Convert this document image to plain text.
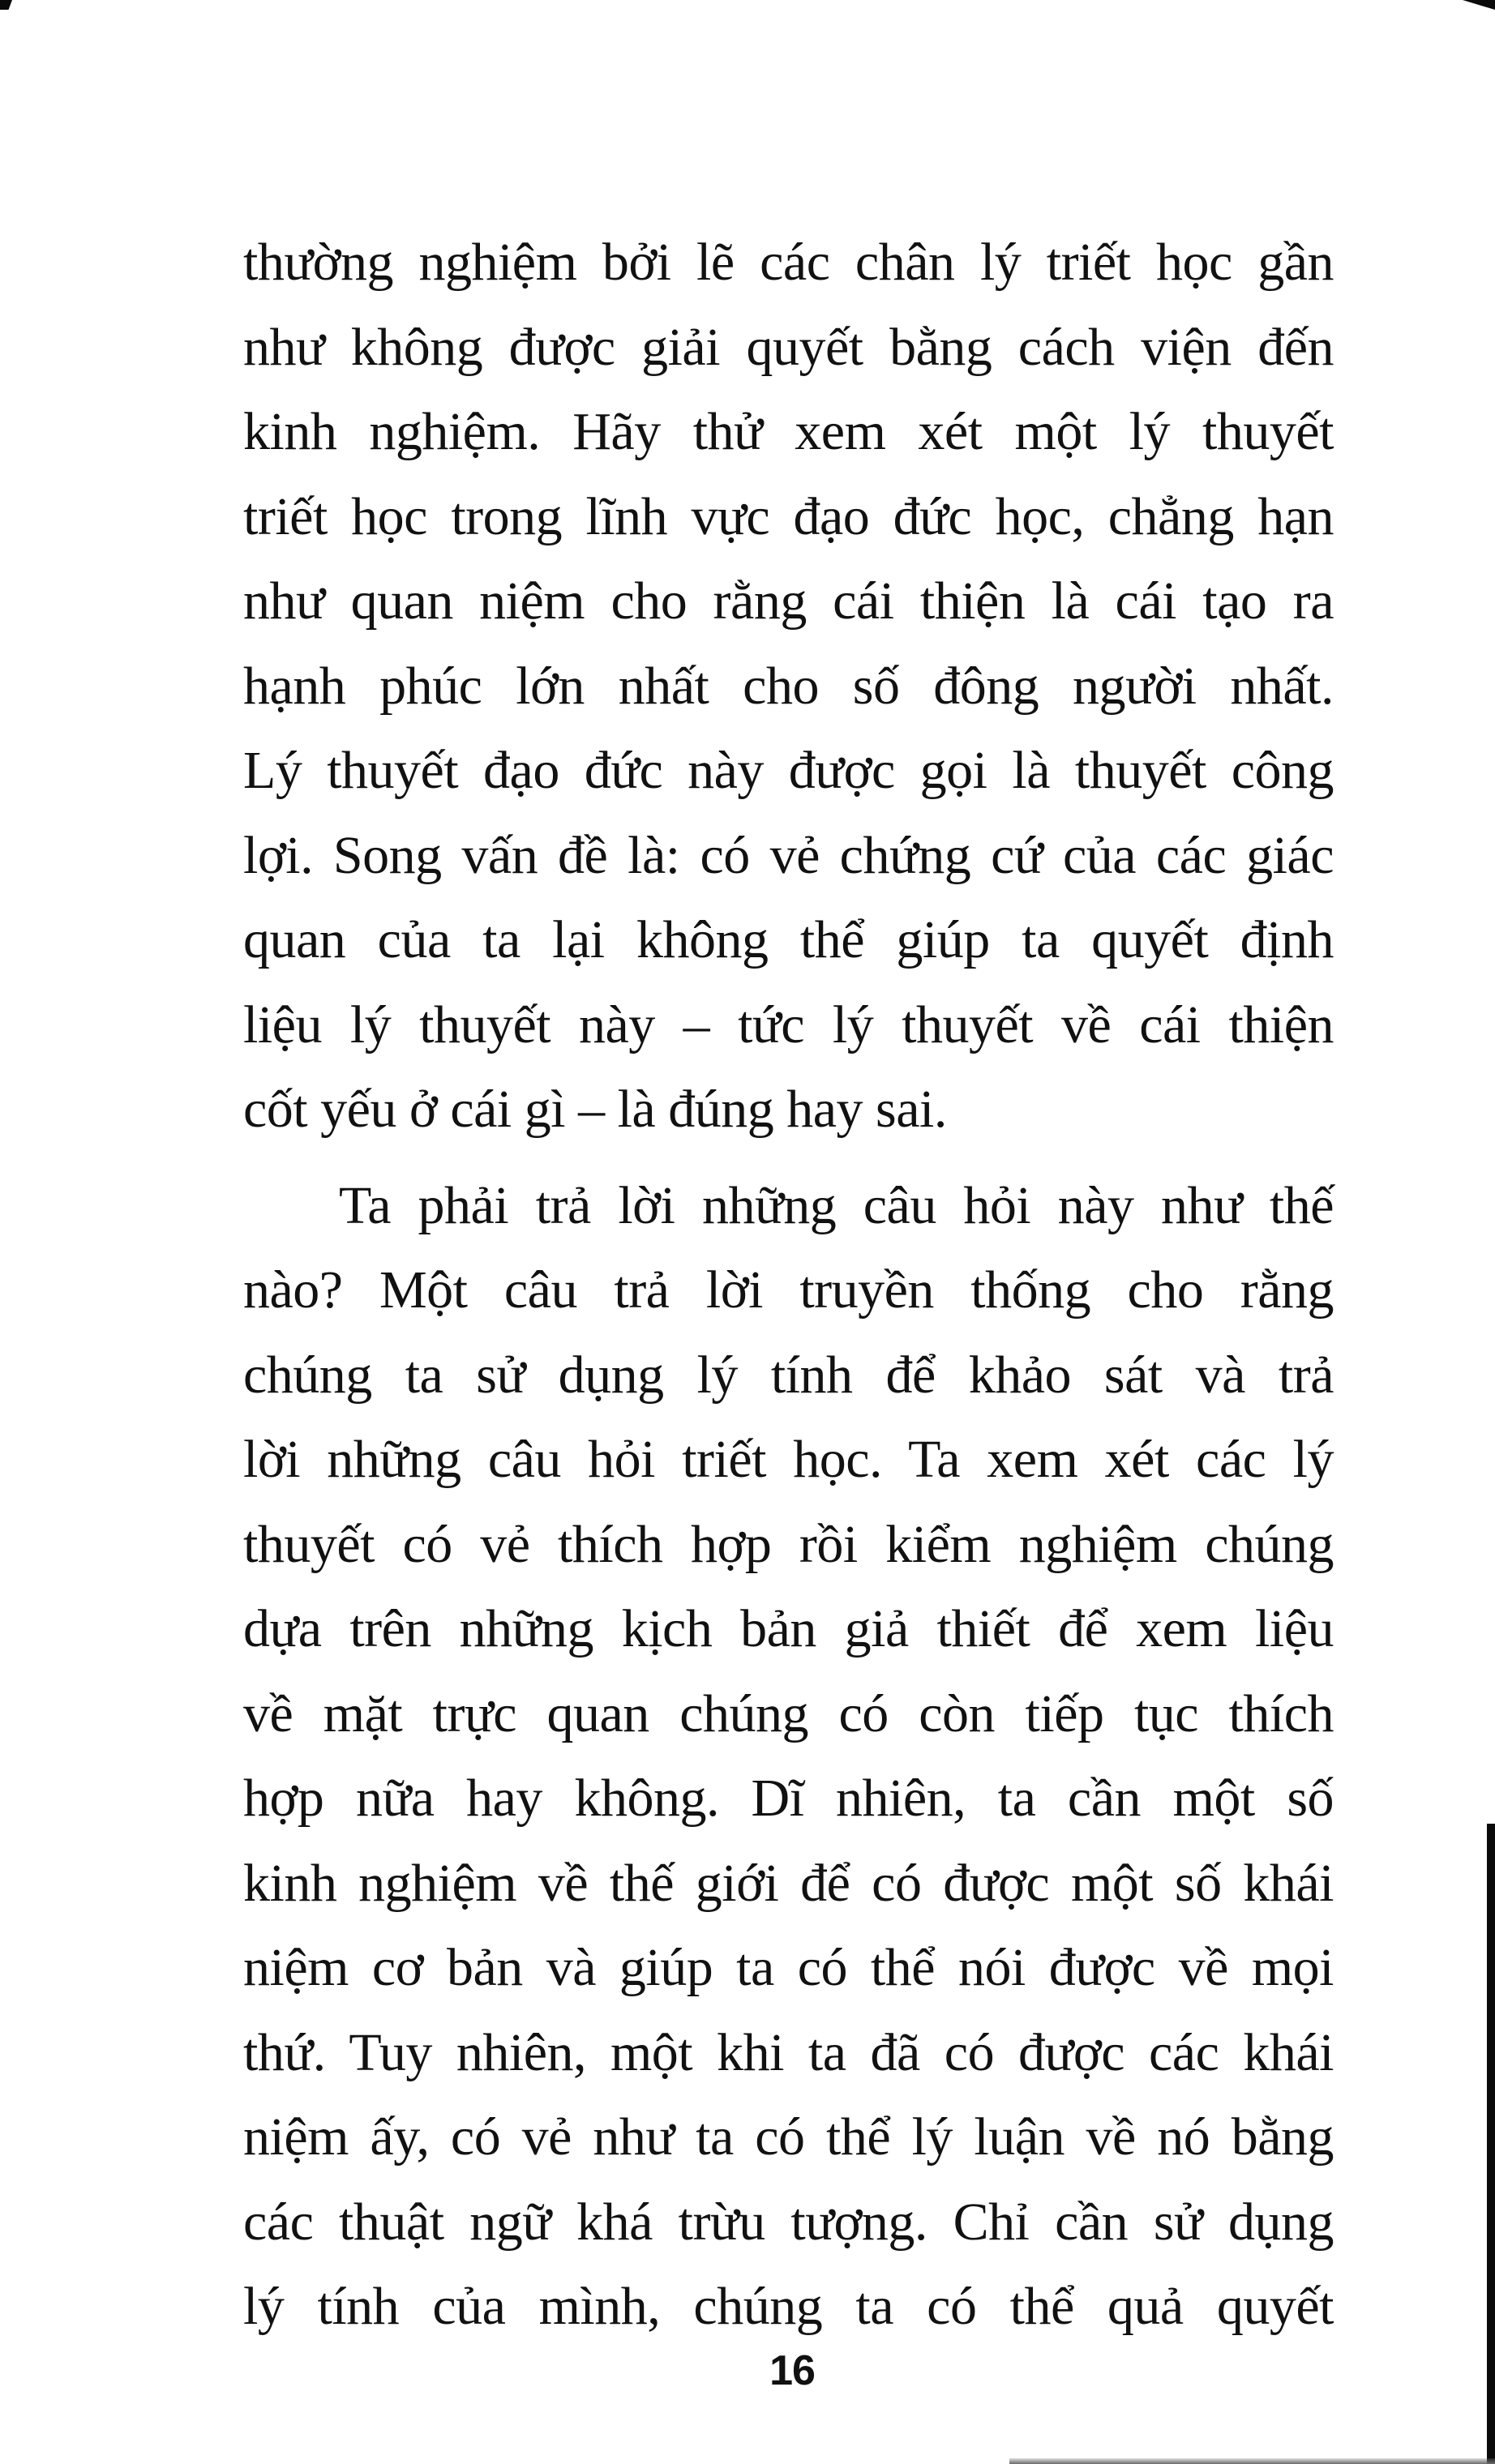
thường nghiệm bởi lẽ các chân lý triết học gần
như không được giải quyết bằng cách viện đến
kinh nghiệm. Hãy thử xem xét một lý thuyết
triết học trong lĩnh vực đạo đức học, chẳng hạn
như quan niệm cho rằng cái thiện là cái tạo ra
hạnh phúc lớn nhất cho số đông người nhất.
Lý thuyết đạo đức này được gọi là thuyết công
lợi. Song vấn đề là: có vẻ chứng cứ của các giác
quan của ta lại không thể giúp ta quyết định
liệu lý thuyết này – tức lý thuyết về cái thiện
cốt yếu ở cái gì – là đúng hay sai.
Ta phải trả lời những câu hỏi này như thế
nào? Một câu trả lời truyền thống cho rằng
chúng ta sử dụng lý tính để khảo sát và trả
lời những câu hỏi triết học. Ta xem xét các lý
thuyết có vẻ thích hợp rồi kiểm nghiệm chúng
dựa trên những kịch bản giả thiết để xem liệu
về mặt trực quan chúng có còn tiếp tục thích
hợp nữa hay không. Dĩ nhiên, ta cần một số
kinh nghiệm về thế giới để có được một số khái
niệm cơ bản và giúp ta có thể nói được về mọi
thứ. Tuy nhiên, một khi ta đã có được các khái
niệm ấy, có vẻ như ta có thể lý luận về nó bằng
các thuật ngữ khá trừu tượng. Chỉ cần sử dụng
lý tính của mình, chúng ta có thể quả quyết
16
